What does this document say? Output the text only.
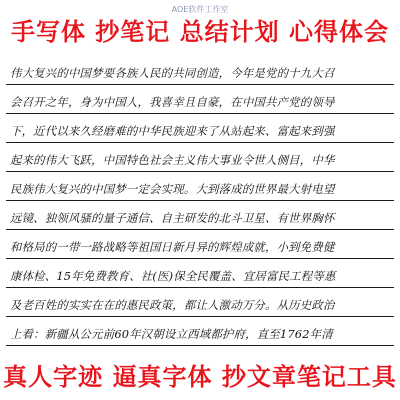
AOE软件工作室
手写体 抄笔记 总结计划 心得体会
伟大复兴的中国梦要各族人民的共同创造，今年是党的十九大召
会召开之年，身为中国人，我喜幸且自豪，在中国共产党的领导
下，近代以来久经磨难的中华民族迎来了从站起来、富起来到强
起来的伟大飞跃，中国特色社会主义伟大事业令世人侧目，中华
民族伟大复兴的中国梦一定会实现。大到落成的世界最大射电望
远镜、独领风骚的量子通信、自主研发的北斗卫星、有世界胸怀
和格局的一带一路战略等祖国日新月异的辉煌成就，小到免费健
康体检、15年免费教育、社(医)保全民覆盖、宜居富民工程等惠
及老百姓的实实在在的惠民政策，都让人激动万分。从历史政治
上看：新疆从公元前60年汉朝设立西域都护府，直至1762年清
真人字迹 逼真字体 抄文章笔记工具
